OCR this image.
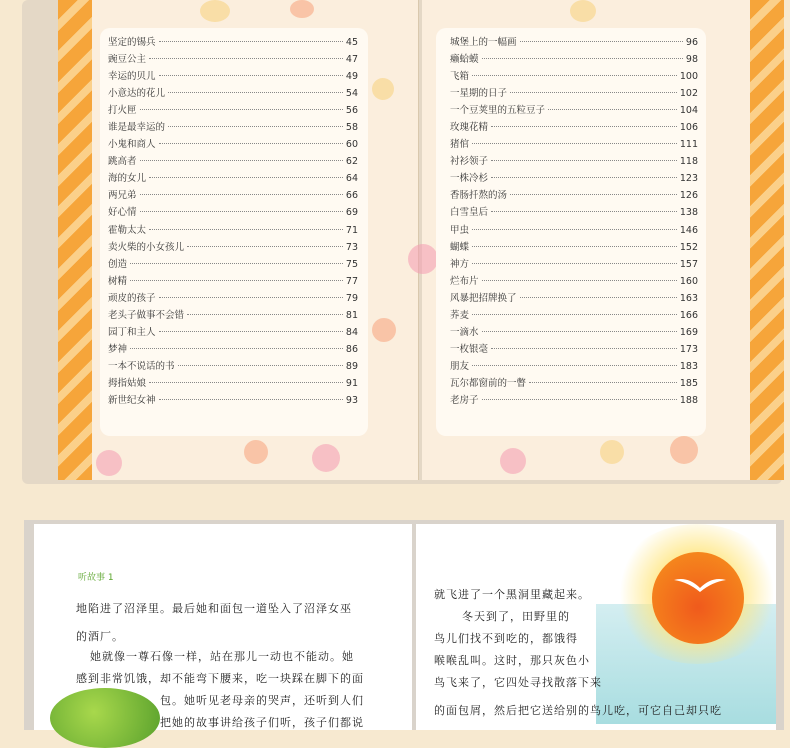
坚定的锡兵	45
豌豆公主	47
幸运的贝儿	49
小意达的花儿	54
打火匣	56
谁是最幸运的	58
小鬼和商人	60
跳高者	62
海的女儿	64
两兄弟	66
好心情	69
霍勒太太	71
卖火柴的小女孩儿	73
创造	75
树精	77
顽皮的孩子	79
老头子做事不会错	81
园丁和主人	84
梦神	86
一本不说话的书	89
拇指姑娘	91
新世纪女神	93
城堡上的一幅画	96
癞蛤蟆	98
飞箱	100
一星期的日子	102
一个豆荚里的五粒豆子	104
玫瑰花精	106
猪倌	111
衬衫领子	118
一株冷杉	123
香肠扦熬的汤	126
白雪皇后	138
甲虫	146
蝴蝶	152
神方	157
烂布片	160
风暴把招牌换了	163
荞麦	166
一滴水	169
一枚银毫	173
朋友	183
瓦尔都窗前的一瞥	185
老房子	188
听故事 1
地陷进了沼泽里。最后她和面包一道坠入了沼泽女巫
的酒厂。
她就像一尊石像一样，站在那儿一动也不能动。她
感到非常饥饿，却不能弯下腰来，吃一块踩在脚下的面
包。她听见老母亲的哭声，还听到人们
把她的故事讲给孩子们听，孩子们都说
就飞进了一个黑洞里藏起来。
冬天到了，田野里的
鸟儿们找不到吃的，都饿得
喉喉乱叫。这时，那只灰色小
鸟飞来了，它四处寻找散落下来
的面包屑，然后把它送给别的鸟儿吃，可它自己却只吃
